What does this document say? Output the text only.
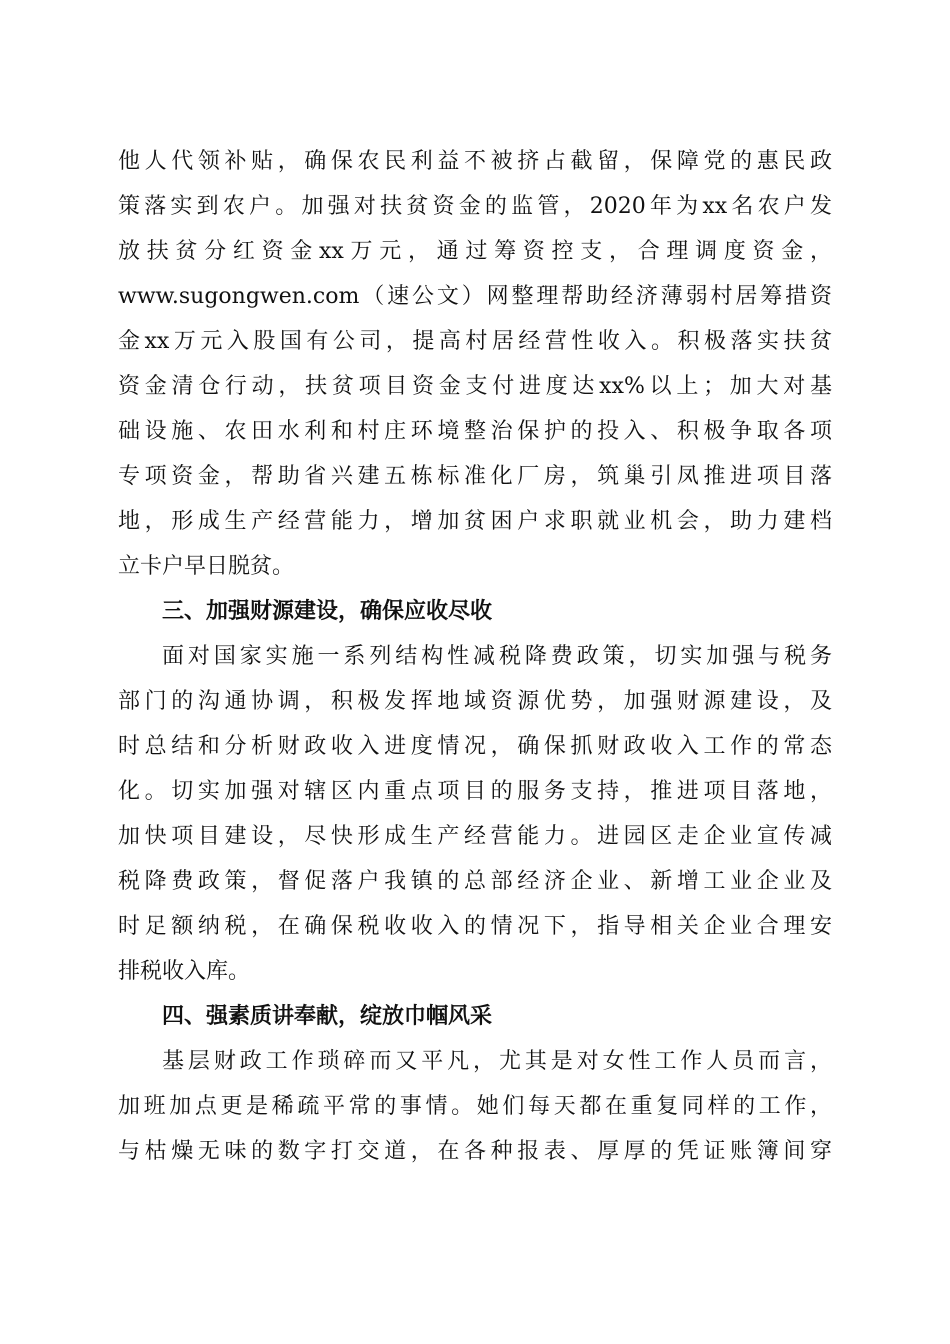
他人代领补贴，确保农民利益不被挤占截留，保障党的惠民政
策落实到农户。加强对扶贫资金的监管，2020年为xx名农户发
放扶贫分红资金xx万元，通过筹资控支，合理调度资金，
www.sugongwen.com（速公文）网整理帮助经济薄弱村居筹措资
金xx万元入股国有公司，提高村居经营性收入。积极落实扶贫
资金清仓行动，扶贫项目资金支付进度达xx%以上；加大对基
础设施、农田水利和村庄环境整治保护的投入、积极争取各项
专项资金，帮助省兴建五栋标准化厂房，筑巢引凤推进项目落
地，形成生产经营能力，增加贫困户求职就业机会，助力建档
立卡户早日脱贫。
三、加强财源建设，确保应收尽收
面对国家实施一系列结构性减税降费政策，切实加强与税务
部门的沟通协调，积极发挥地域资源优势，加强财源建设，及
时总结和分析财政收入进度情况，确保抓财政收入工作的常态
化。切实加强对辖区内重点项目的服务支持，推进项目落地，
加快项目建设，尽快形成生产经营能力。进园区走企业宣传减
税降费政策，督促落户我镇的总部经济企业、新增工业企业及
时足额纳税，在确保税收收入的情况下，指导相关企业合理安
排税收入库。
四、强素质讲奉献，绽放巾帼风采
基层财政工作琐碎而又平凡，尤其是对女性工作人员而言，
加班加点更是稀疏平常的事情。她们每天都在重复同样的工作，
与枯燥无味的数字打交道，在各种报表、厚厚的凭证账簿间穿
